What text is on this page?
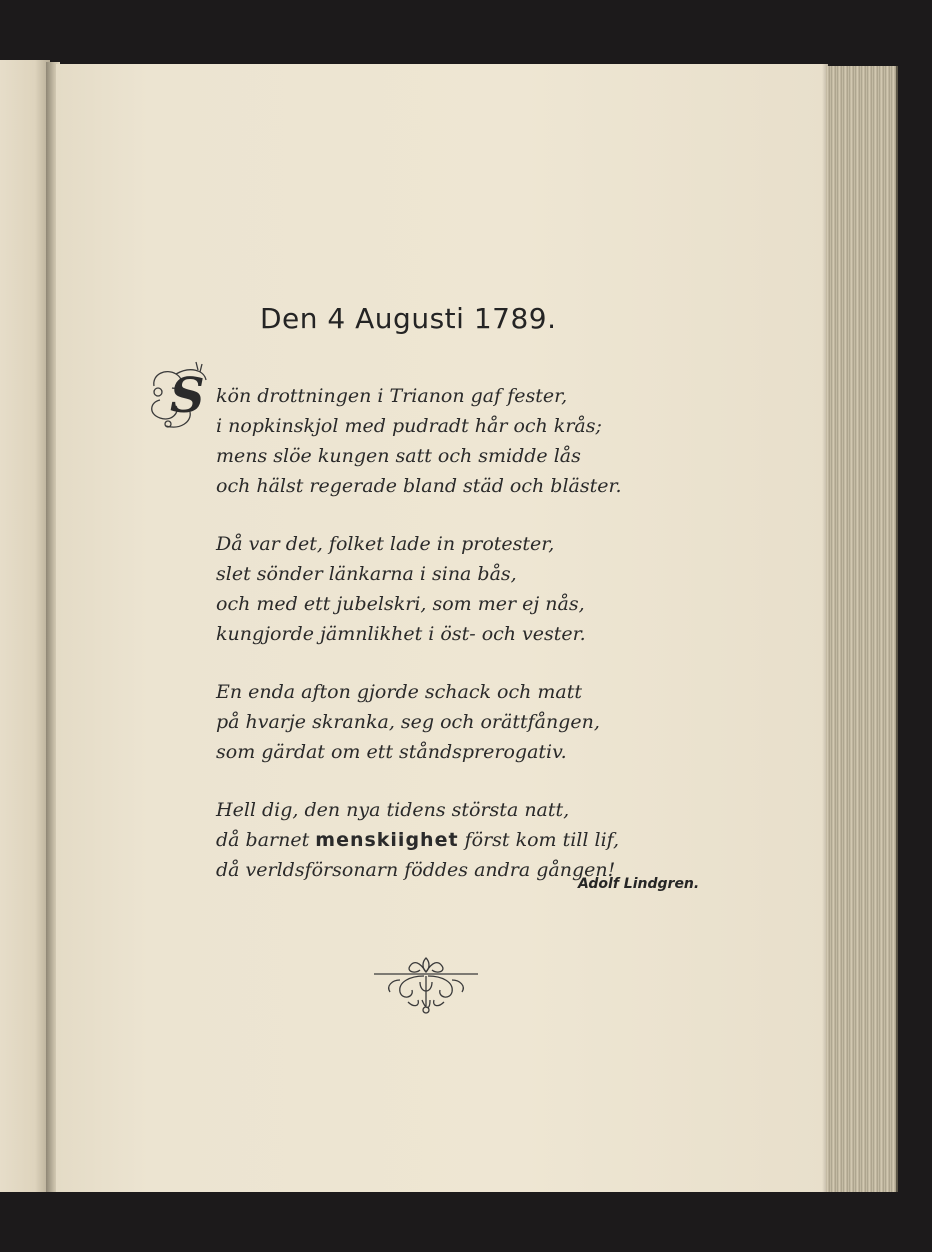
Den 4 Augusti 1789.
S kön drottningen i Trianon gaf fester,
i nopkinskjol med pudradt hår och krås;
mens slöe kungen satt och smidde lås
och hälst regerade bland städ och bläster.
Då var det, folket lade in protester,
slet sönder länkarna i sina bås,
och med ett jubelskri, som mer ej nås,
kungjorde jämnlikhet i öst- och vester.
En enda afton gjorde schack och matt
på hvarje skranka, seg och orättfången,
som gärdat om ett ståndsprerogativ.
Hell dig, den nya tidens största natt,
då barnet menskiighet först kom till lif,
då verldsförsonarn föddes andra gången!
Adolf Lindgren.
